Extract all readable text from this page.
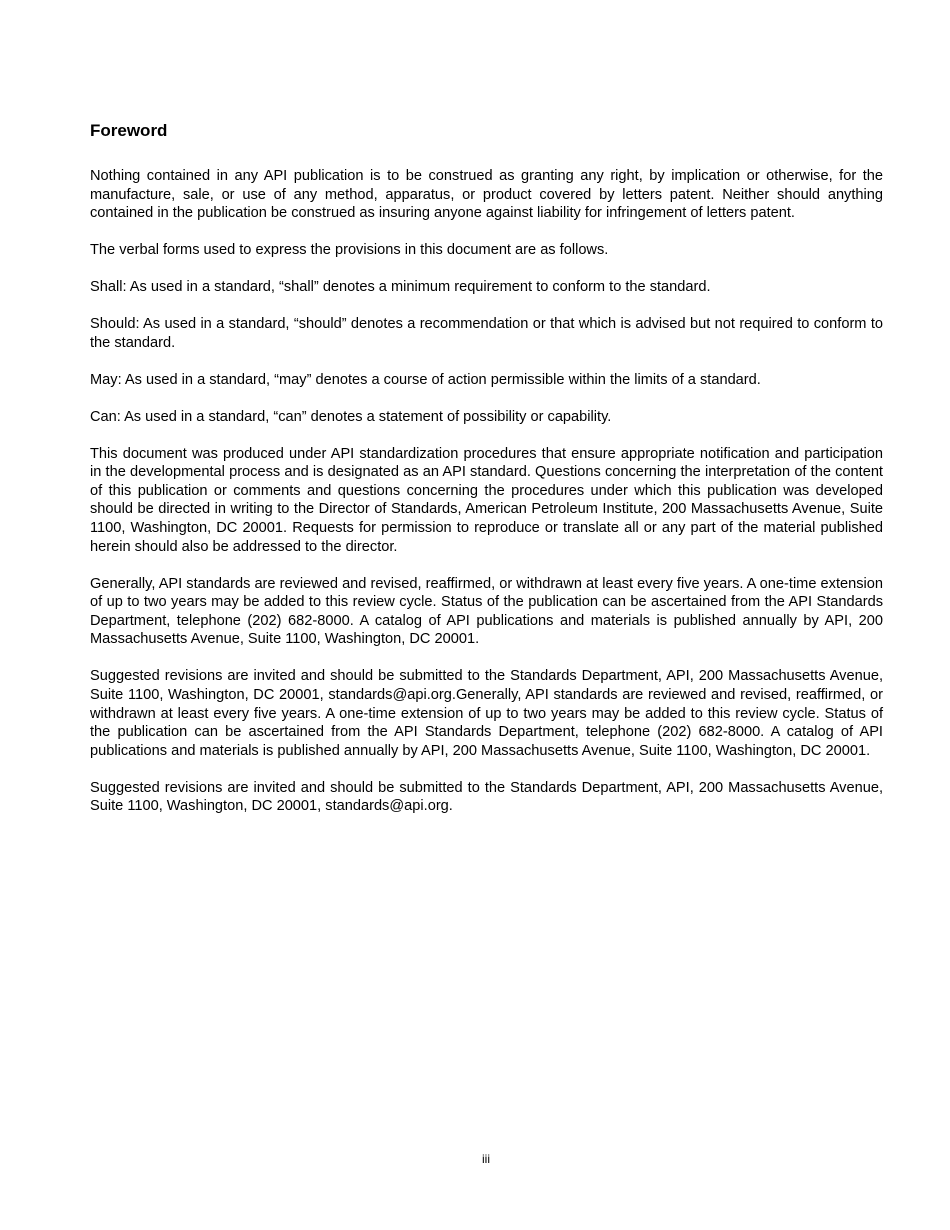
Foreword

Nothing contained in any API publication is to be construed as granting any right, by implication or otherwise, for the manufacture, sale, or use of any method, apparatus, or product covered by letters patent. Neither should anything contained in the publication be construed as insuring anyone against liability for infringement of letters patent.

The verbal forms used to express the provisions in this document are as follows.

Shall: As used in a standard, “shall” denotes a minimum requirement to conform to the standard.

Should: As used in a standard, “should” denotes a recommendation or that which is advised but not required to conform to the standard.

May: As used in a standard, “may” denotes a course of action permissible within the limits of a standard.

Can: As used in a standard, “can” denotes a statement of possibility or capability.

This document was produced under API standardization procedures that ensure appropriate notification and participation in the developmental process and is designated as an API standard. Questions concerning the interpretation of the content of this publication or comments and questions concerning the procedures under which this publication was developed should be directed in writing to the Director of Standards, American Petroleum Institute, 200 Massachusetts Avenue, Suite 1100, Washington, DC 20001. Requests for permission to reproduce or translate all or any part of the material published herein should also be addressed to the director.

Generally, API standards are reviewed and revised, reaffirmed, or withdrawn at least every five years. A one-time extension of up to two years may be added to this review cycle. Status of the publication can be ascertained from the API Standards Department, telephone (202) 682-8000. A catalog of API publications and materials is published annually by API, 200 Massachusetts Avenue, Suite 1100, Washington, DC 20001.

Suggested revisions are invited and should be submitted to the Standards Department, API, 200 Massachusetts Avenue, Suite 1100, Washington, DC 20001, standards@api.org.Generally, API standards are reviewed and revised, reaffirmed, or withdrawn at least every five years. A one-time extension of up to two years may be added to this review cycle. Status of the publication can be ascertained from the API Standards Department, telephone (202) 682-8000. A catalog of API publications and materials is published annually by API, 200 Massachusetts Avenue, Suite 1100, Washington, DC 20001.

Suggested revisions are invited and should be submitted to the Standards Department, API, 200 Massachusetts Avenue, Suite 1100, Washington, DC 20001, standards@api.org.

iii
